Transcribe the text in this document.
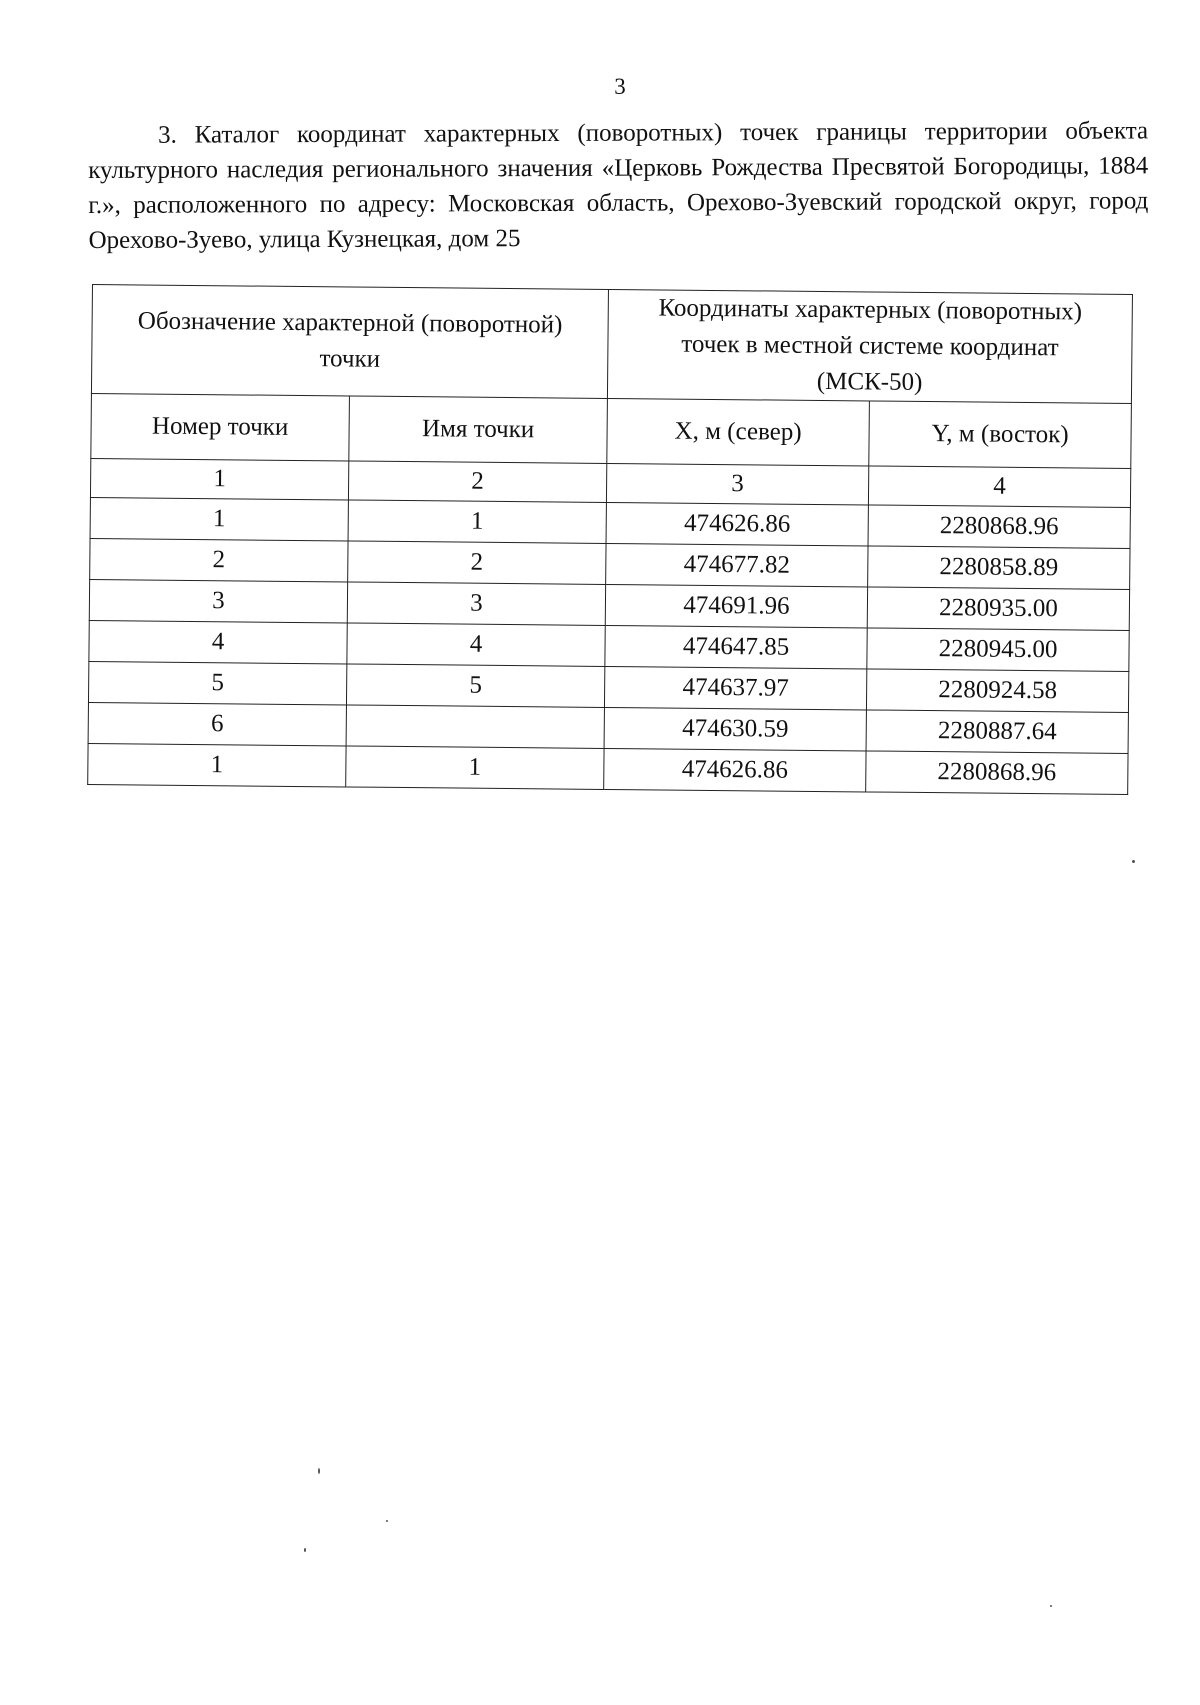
3

3. Каталог координат характерных (поворотных) точек границы территории объекта культурного наследия регионального значения «Церковь Рождества Пресвятой Богородицы, 1884 г.», расположенного по адресу: Московская область, Орехово-Зуевский городской округ, город Орехово-Зуево, улица Кузнецкая, дом 25

Обозначение характерной (поворотной) точки		Координаты характерных (поворотных) точек в местной системе координат (МСК-50)	
Номер точки	Имя точки	X, м (север)	Y, м (восток)
1	2	3	4
1	1	474626.86	2280868.96
2	2	474677.82	2280858.89
3	3	474691.96	2280935.00
4	4	474647.85	2280945.00
5	5	474637.97	2280924.58
6		474630.59	2280887.64
1	1	474626.86	2280868.96
